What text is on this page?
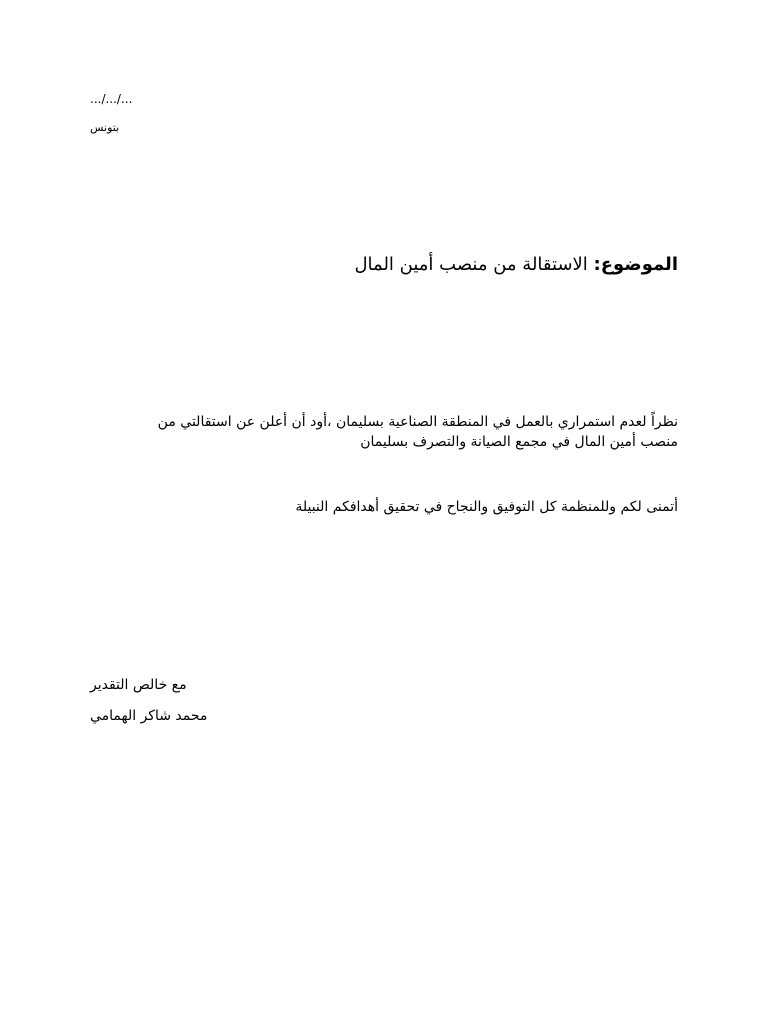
.../.../...
بتونس
الموضوع: الاستقالة من منصب أمين المال
نظراً لعدم استمراري بالعمل في المنطقة الصناعية بسليمان ،أود أن أعلن عن استقالتي من
منصب أمين المال في مجمع الصيانة والتصرف بسليمان
أتمنى لكم وللمنظمة كل التوفيق والنجاح في تحقيق أهدافكم النبيلة
مع خالص التقدير
محمد شاكر الهمامي
